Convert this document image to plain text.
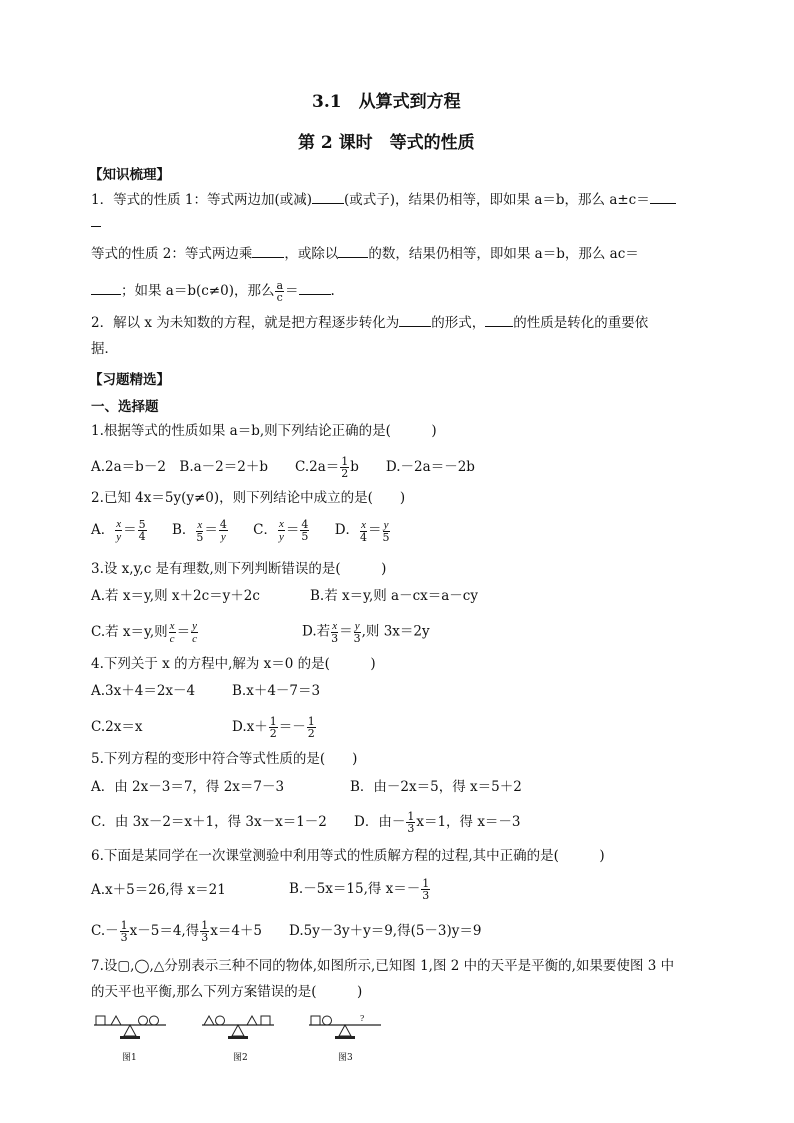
3.1　从算式到方程
第 2 课时　等式的性质
【知识梳理】
1．等式的性质 1：等式两边加(或减) (或式子)，结果仍相等，即如果 a＝b，那么 a±c＝
等式的性质 2：等式两边乘 ，或除以 的数，结果仍相等，即如果 a＝b，那么 ac＝
；如果 a＝b(c≠0)，那么 $\frac{a}{c}$ ＝ .
2．解以 x 为未知数的方程，就是把方程逐步转化为 的形式， 的性质是转化的重要依
据．
【习题精选】
一、选择题
1.根据等式的性质如果 a＝b,则下列结论正确的是(　　　)
A.2a＝b－2　B.a－2＝2＋b　　$C.2a= \frac{1}{2}$ b　　D.－2a＝－2b
2.已知 4x＝5y(y≠0)，则下列结论中成立的是(　　)
A． $\frac{x}{y} = \frac{5}{4}$ B． $\frac{x}{5} = \frac{4}{y}$ C． $\frac{x}{y} = \frac{4}{5}$ D． $\frac{x}{4} = \frac{y}{5}$
3.设 x,y,c 是有理数,则下列判断错误的是(　　　)
A.若 x＝y,则 x＋2c＝y＋2c	B.若 x＝y,则 a－cx＝a－cy
C.若 x＝y,则 $\frac{x}{c} = \frac{y}{c}$	D.若 $\frac{x}{3} = \frac{y}{3}$ ,则 3x＝2y
4.下列关于 x 的方程中,解为 x＝0 的是(　　　)
A.3x＋4＝2x－4	B.x＋4－7＝3
C.2x＝x	$D.x+ \frac{1}{2} =- \frac{1}{2}$
5.下列方程的变形中符合等式性质的是(　　)
A．由 2x－3＝7，得 2x＝7－3	B．由－2x＝5，得 x＝5＋2
C．由 3x－2＝x＋1，得 3x－x＝1－2 D．由－ $\frac{1}{3} x=1$，得 x＝－3
6.下面是某同学在一次课堂测验中利用等式的性质解方程的过程,其中正确的是(　　　)
A.x＋5＝26,得 x＝21	B.－5x＝15,得 $x=- \frac{1}{3}$
$C.- \frac{1}{3} x-5=4$,得 $\frac{1}{3} x=4+5$ D.5y－3y＋y＝9,得(5－3)y＝9
7.设▢,◯,△分别表示三种不同的物体,如图所示,已知图 1,图 2 中的天平是平衡的,如果要使图 3 中
的天平也平衡,那么下列方案错误的是(　　　)
图1	图2
?
图3
